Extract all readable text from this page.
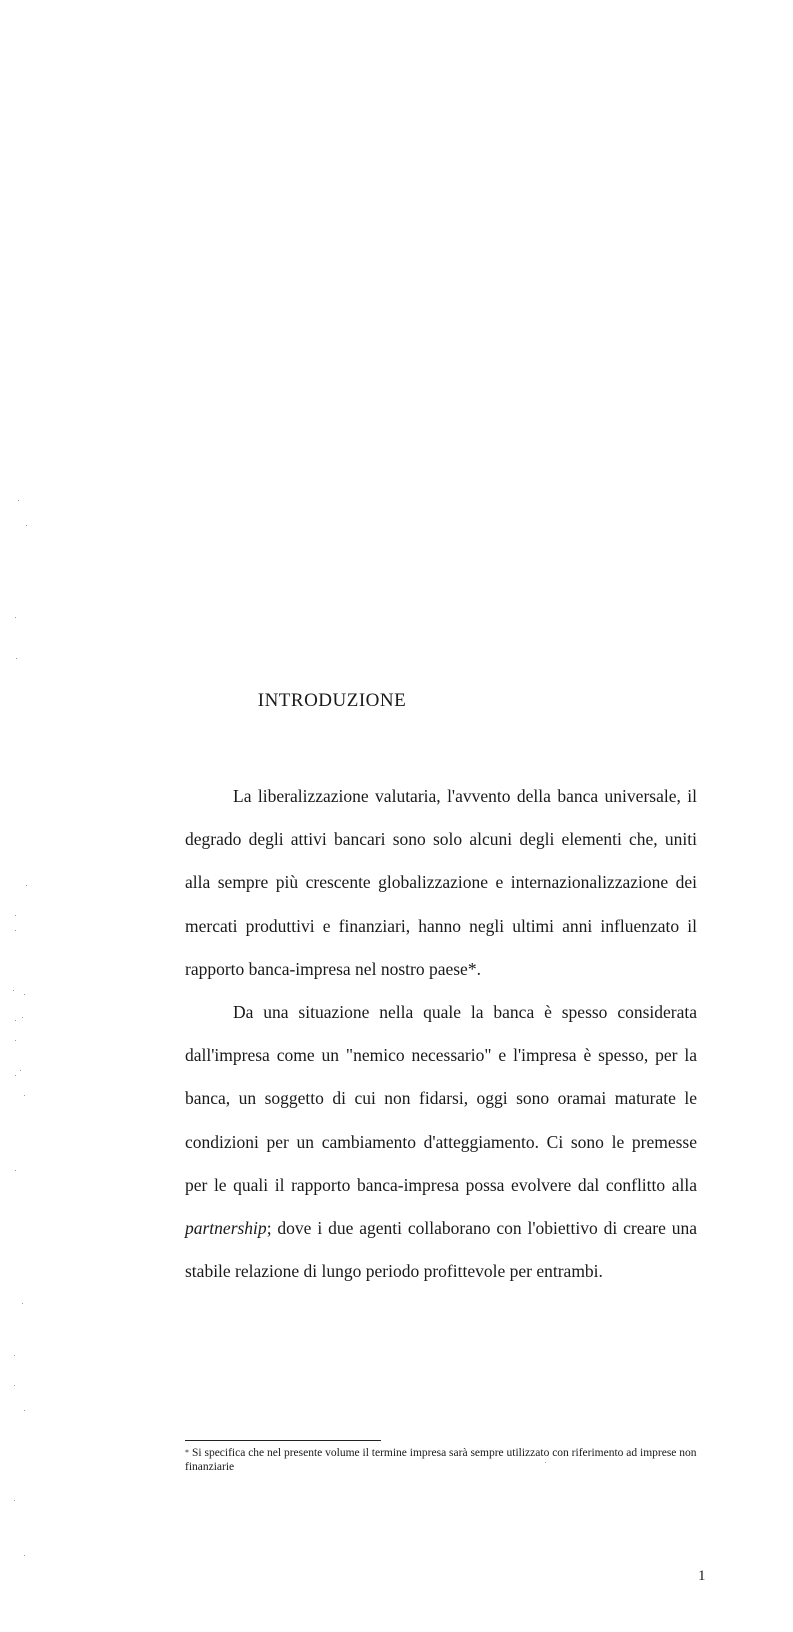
INTRODUZIONE

La liberalizzazione valutaria, l'avvento della banca universale, il degrado degli attivi bancari sono solo alcuni degli elementi che, uniti alla sempre più crescente globalizzazione e internazionalizzazione dei mercati produttivi e finanziari, hanno negli ultimi anni influenzato il rapporto banca-impresa nel nostro paese*.

Da una situazione nella quale la banca è spesso considerata dall'impresa come un "nemico necessario" e l'impresa è spesso, per la banca, un soggetto di cui non fidarsi, oggi sono oramai maturate le condizioni per un cambiamento d'atteggiamento. Ci sono le premesse per le quali il rapporto banca-impresa possa evolvere dal conflitto alla partnership; dove i due agenti collaborano con l'obiettivo di creare una stabile relazione di lungo periodo profittevole per entrambi.

* Si specifica che nel presente volume il termine impresa sarà sempre utilizzato con riferimento ad imprese non finanziarie
1
